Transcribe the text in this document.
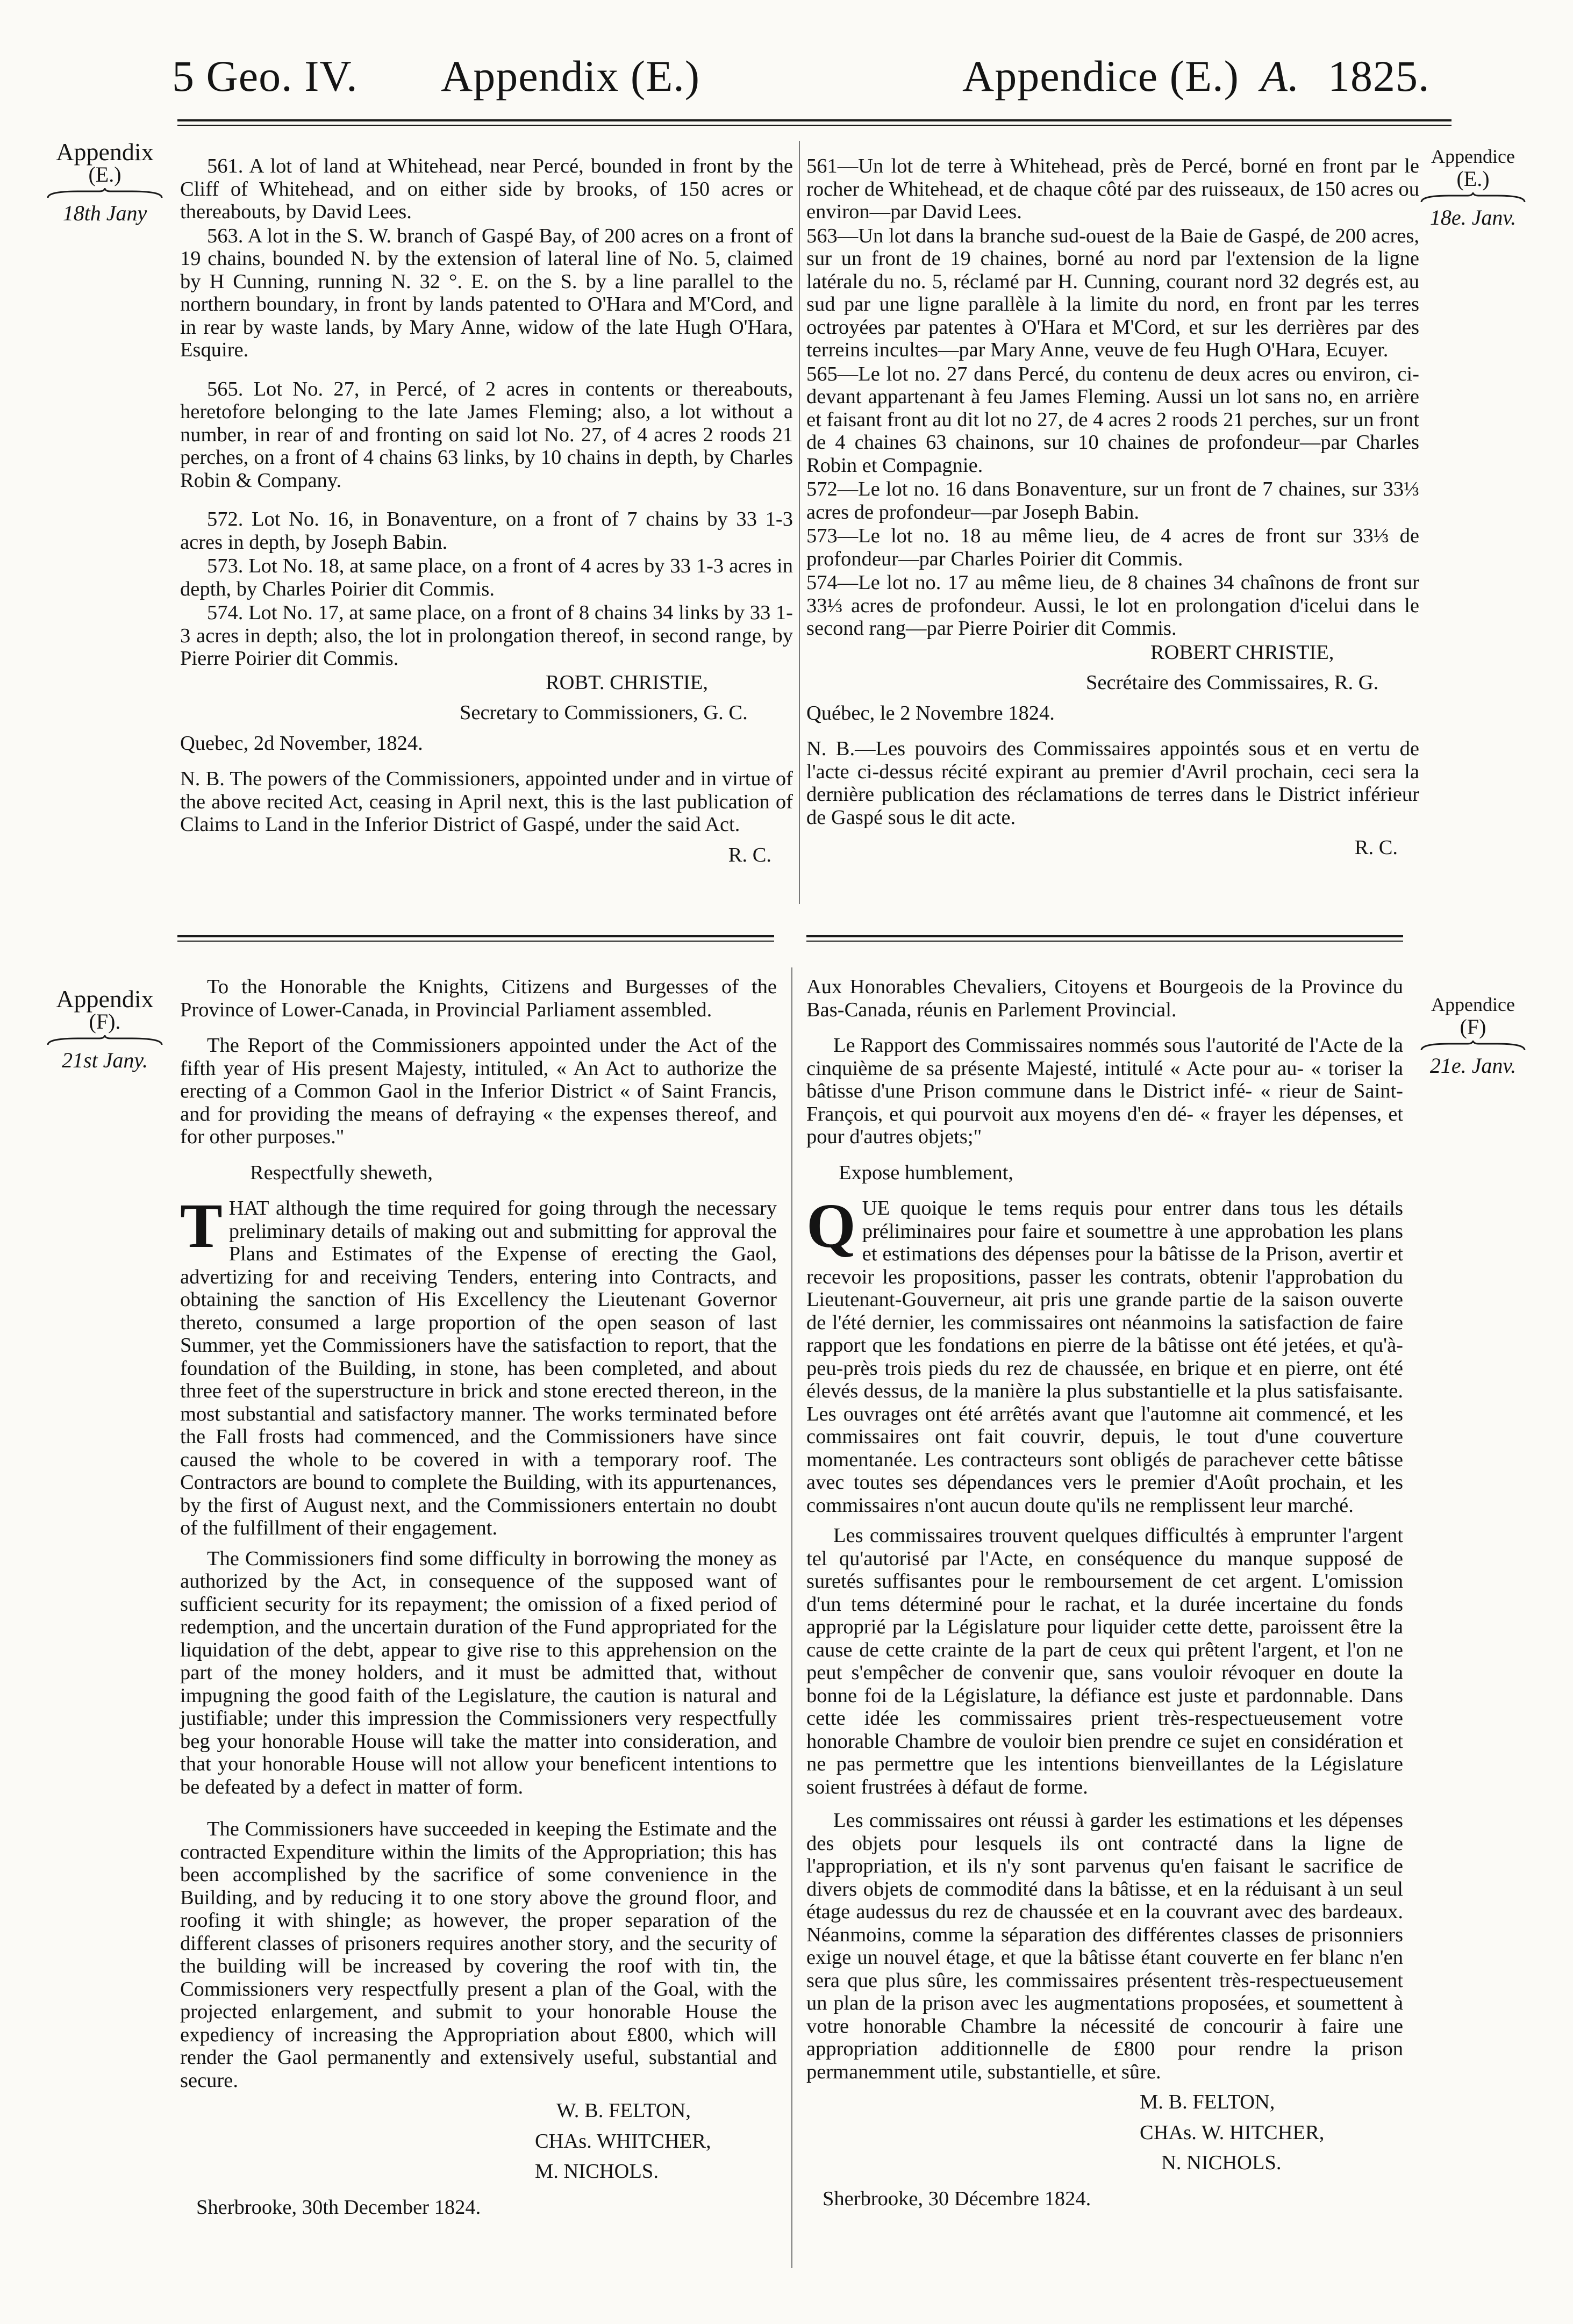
5 Geo. IV. Appendix (E.)	Appendice (E.) A. 1825.
Appendix
(E.)
18th Jany
Appendice
(E.)
18e. Janv.

561. A lot of land at Whitehead, near Percé, bounded in front by the Cliff of Whitehead, and on either side by brooks, of 150 acres or thereabouts, by David Lees.

563. A lot in the S. W. branch of Gaspé Bay, of 200 acres on a front of 19 chains, bounded N. by the extension of lateral line of No. 5, claimed by H Cunning, running N. 32 °. E. on the S. by a line parallel to the northern boundary, in front by lands patented to O'Hara and M'Cord, and in rear by waste lands, by Mary Anne, widow of the late Hugh O'Hara, Esquire.

565. Lot No. 27, in Percé, of 2 acres in contents or thereabouts, heretofore belonging to the late James Fleming; also, a lot without a number, in rear of and fronting on said lot No. 27, of 4 acres 2 roods 21 perches, on a front of 4 chains 63 links, by 10 chains in depth, by Charles Robin & Company.

572. Lot No. 16, in Bonaventure, on a front of 7 chains by 33 1-3 acres in depth, by Joseph Babin.

573. Lot No. 18, at same place, on a front of 4 acres by 33 1-3 acres in depth, by Charles Poirier dit Commis.

574. Lot No. 17, at same place, on a front of 8 chains 34 links by 33 1-3 acres in depth; also, the lot in prolongation thereof, in second range, by Pierre Poirier dit Commis.

ROBT. CHRISTIE,

Secretary to Commissioners, G. C.

Quebec, 2d November, 1824.

N. B. The powers of the Commissioners, appointed under and in virtue of the above recited Act, ceasing in April next, this is the last publication of Claims to Land in the Inferior District of Gaspé, under the said Act.

R. C.

561—Un lot de terre à Whitehead, près de Percé, borné en front par le rocher de Whitehead, et de chaque côté par des ruisseaux, de 150 acres ou environ—par David Lees.

563—Un lot dans la branche sud-ouest de la Baie de Gaspé, de 200 acres, sur un front de 19 chaines, borné au nord par l'extension de la ligne latérale du no. 5, réclamé par H. Cunning, courant nord 32 degrés est, au sud par une ligne parallèle à la limite du nord, en front par les terres octroyées par patentes à O'Hara et M'Cord, et sur les derrières par des terreins incultes—par Mary Anne, veuve de feu Hugh O'Hara, Ecuyer.

565—Le lot no. 27 dans Percé, du contenu de deux acres ou environ, ci-devant appartenant à feu James Fleming. Aussi un lot sans no, en arrière et faisant front au dit lot no 27, de 4 acres 2 roods 21 perches, sur un front de 4 chaines 63 chainons, sur 10 chaines de profondeur—par Charles Robin et Compagnie.

572—Le lot no. 16 dans Bonaventure, sur un front de 7 chaines, sur 33⅓ acres de profondeur—par Joseph Babin.

573—Le lot no. 18 au même lieu, de 4 acres de front sur 33⅓ de profondeur—par Charles Poirier dit Commis.

574—Le lot no. 17 au même lieu, de 8 chaines 34 chaînons de front sur 33⅓ acres de profondeur. Aussi, le lot en prolongation d'icelui dans le second rang—par Pierre Poirier dit Commis.

ROBERT CHRISTIE,

Secrétaire des Commissaires, R. G.

Québec, le 2 Novembre 1824.

N. B.—Les pouvoirs des Commissaires appointés sous et en vertu de l'acte ci-dessus récité expirant au premier d'Avril prochain, ceci sera la dernière publication des réclamations de terres dans le District inférieur de Gaspé sous le dit acte.

R. C.

Appendix
(F).
21st Jany.
Appendice
(F)
21e. Janv.

To the Honorable the Knights, Citizens and Burgesses of the Province of Lower-Canada, in Provincial Parliament assembled.

The Report of the Commissioners appointed under the Act of the fifth year of His present Majesty, intituled, « An Act to authorize the erecting of a Common Gaol in the Inferior District « of Saint Francis, and for providing the means of defraying « the expenses thereof, and for other purposes."

Respectfully sheweth,

THAT although the time required for going through the necessary preliminary details of making out and submitting for approval the Plans and Estimates of the Expense of erecting the Gaol, advertizing for and receiving Tenders, entering into Contracts, and obtaining the sanction of His Excellency the Lieutenant Governor thereto, consumed a large proportion of the open season of last Summer, yet the Commissioners have the satisfaction to report, that the foundation of the Building, in stone, has been completed, and about three feet of the superstructure in brick and stone erected thereon, in the most substantial and satisfactory manner. The works terminated before the Fall frosts had commenced, and the Commissioners have since caused the whole to be covered in with a temporary roof. The Contractors are bound to complete the Building, with its appurtenances, by the first of August next, and the Commissioners entertain no doubt of the fulfillment of their engagement.

The Commissioners find some difficulty in borrowing the money as authorized by the Act, in consequence of the supposed want of sufficient security for its repayment; the omission of a fixed period of redemption, and the uncertain duration of the Fund appropriated for the liquidation of the debt, appear to give rise to this apprehension on the part of the money holders, and it must be admitted that, without impugning the good faith of the Legislature, the caution is natural and justifiable; under this impression the Commissioners very respectfully beg your honorable House will take the matter into consideration, and that your honorable House will not allow your beneficent intentions to be defeated by a defect in matter of form.

The Commissioners have succeeded in keeping the Estimate and the contracted Expenditure within the limits of the Appropriation; this has been accomplished by the sacrifice of some convenience in the Building, and by reducing it to one story above the ground floor, and roofing it with shingle; as however, the proper separation of the different classes of prisoners requires another story, and the security of the building will be increased by covering the roof with tin, the Commissioners very respectfully present a plan of the Goal, with the projected enlargement, and submit to your honorable House the expediency of increasing the Appropriation about £800, which will render the Gaol permanently and extensively useful, substantial and secure.

W. B. FELTON,

CHAs. WHITCHER,

M. NICHOLS.

Sherbrooke, 30th December 1824.

Aux Honorables Chevaliers, Citoyens et Bourgeois de la Province du Bas-Canada, réunis en Parlement Provincial.

Le Rapport des Commissaires nommés sous l'autorité de l'Acte de la cinquième de sa présente Majesté, intitulé « Acte pour au- « toriser la bâtisse d'une Prison commune dans le District infé- « rieur de Saint-François, et qui pourvoit aux moyens d'en dé- « frayer les dépenses, et pour d'autres objets;"

Expose humblement,

QUE quoique le tems requis pour entrer dans tous les détails préliminaires pour faire et soumettre à une approbation les plans et estimations des dépenses pour la bâtisse de la Prison, avertir et recevoir les propositions, passer les contrats, obtenir l'approbation du Lieutenant-Gouverneur, ait pris une grande partie de la saison ouverte de l'été dernier, les commissaires ont néanmoins la satisfaction de faire rapport que les fondations en pierre de la bâtisse ont été jetées, et qu'à-peu-près trois pieds du rez de chaussée, en brique et en pierre, ont été élevés dessus, de la manière la plus substantielle et la plus satisfaisante. Les ouvrages ont été arrêtés avant que l'automne ait commencé, et les commissaires ont fait couvrir, depuis, le tout d'une couverture momentanée. Les contracteurs sont obligés de parachever cette bâtisse avec toutes ses dépendances vers le premier d'Août prochain, et les commissaires n'ont aucun doute qu'ils ne remplissent leur marché.

Les commissaires trouvent quelques difficultés à emprunter l'argent tel qu'autorisé par l'Acte, en conséquence du manque supposé de suretés suffisantes pour le remboursement de cet argent. L'omission d'un tems déterminé pour le rachat, et la durée incertaine du fonds approprié par la Législature pour liquider cette dette, paroissent être la cause de cette crainte de la part de ceux qui prêtent l'argent, et l'on ne peut s'empêcher de convenir que, sans vouloir révoquer en doute la bonne foi de la Législature, la défiance est juste et pardonnable. Dans cette idée les commissaires prient très-respectueusement votre honorable Chambre de vouloir bien prendre ce sujet en considération et ne pas permettre que les intentions bienveillantes de la Législature soient frustrées à défaut de forme.

Les commissaires ont réussi à garder les estimations et les dépenses des objets pour lesquels ils ont contracté dans la ligne de l'appropriation, et ils n'y sont parvenus qu'en faisant le sacrifice de divers objets de commodité dans la bâtisse, et en la réduisant à un seul étage audessus du rez de chaussée et en la couvrant avec des bardeaux. Néanmoins, comme la séparation des différentes classes de prisonniers exige un nouvel étage, et que la bâtisse étant couverte en fer blanc n'en sera que plus sûre, les commissaires présentent très-respectueusement un plan de la prison avec les augmentations proposées, et soumettent à votre honorable Chambre la nécessité de concourir à faire une appropriation additionnelle de £800 pour rendre la prison permanemment utile, substantielle, et sûre.

M. B. FELTON,

CHAs. W. HITCHER,

N. NICHOLS.

Sherbrooke, 30 Décembre 1824.
